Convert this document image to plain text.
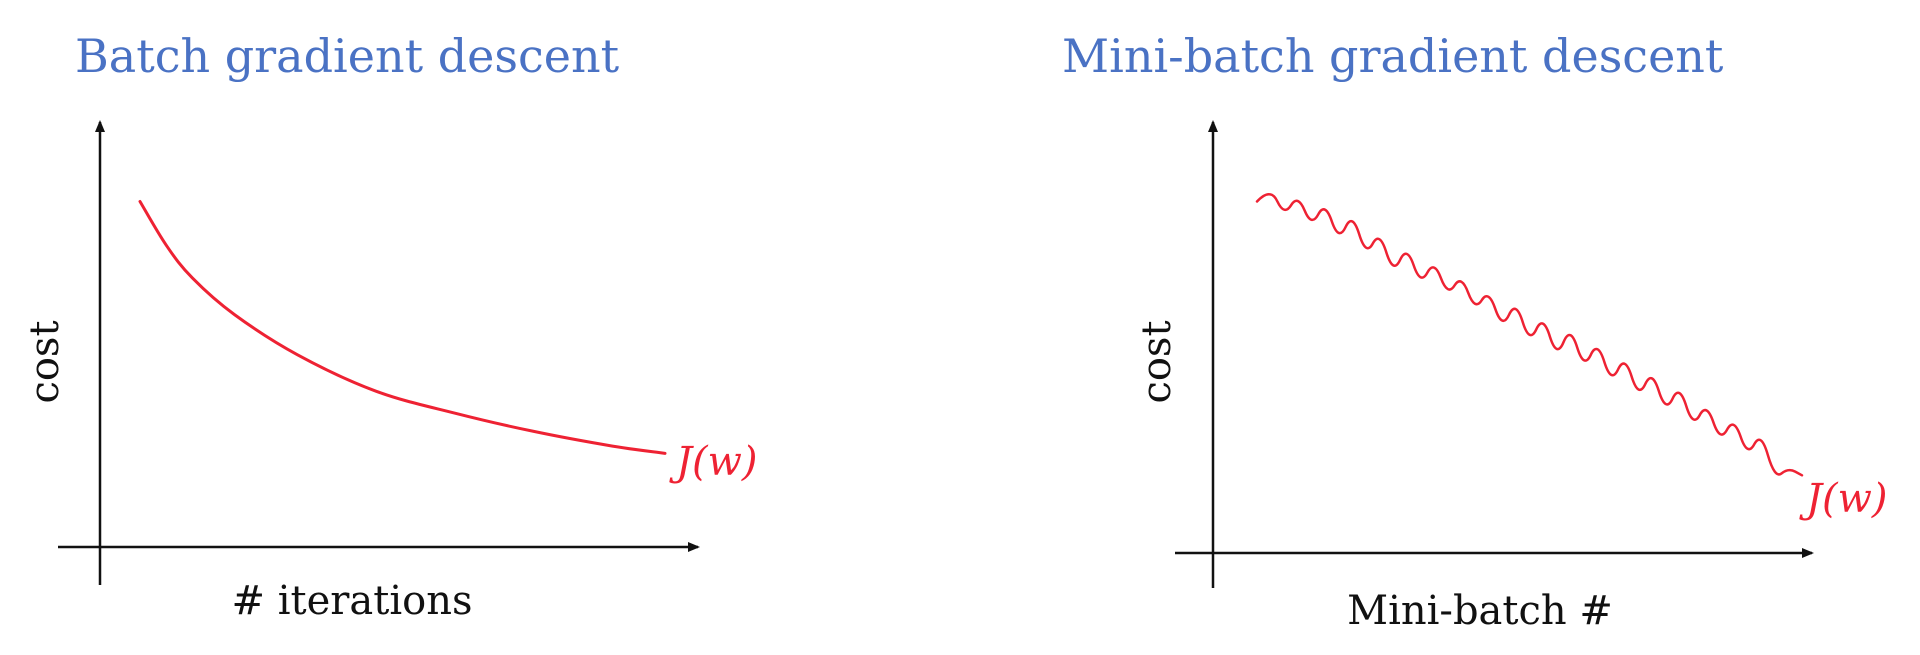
Batch gradient descent
cost
# iterations
J(w)
Mini-batch gradient descent
cost
Mini-batch #
J(w)
